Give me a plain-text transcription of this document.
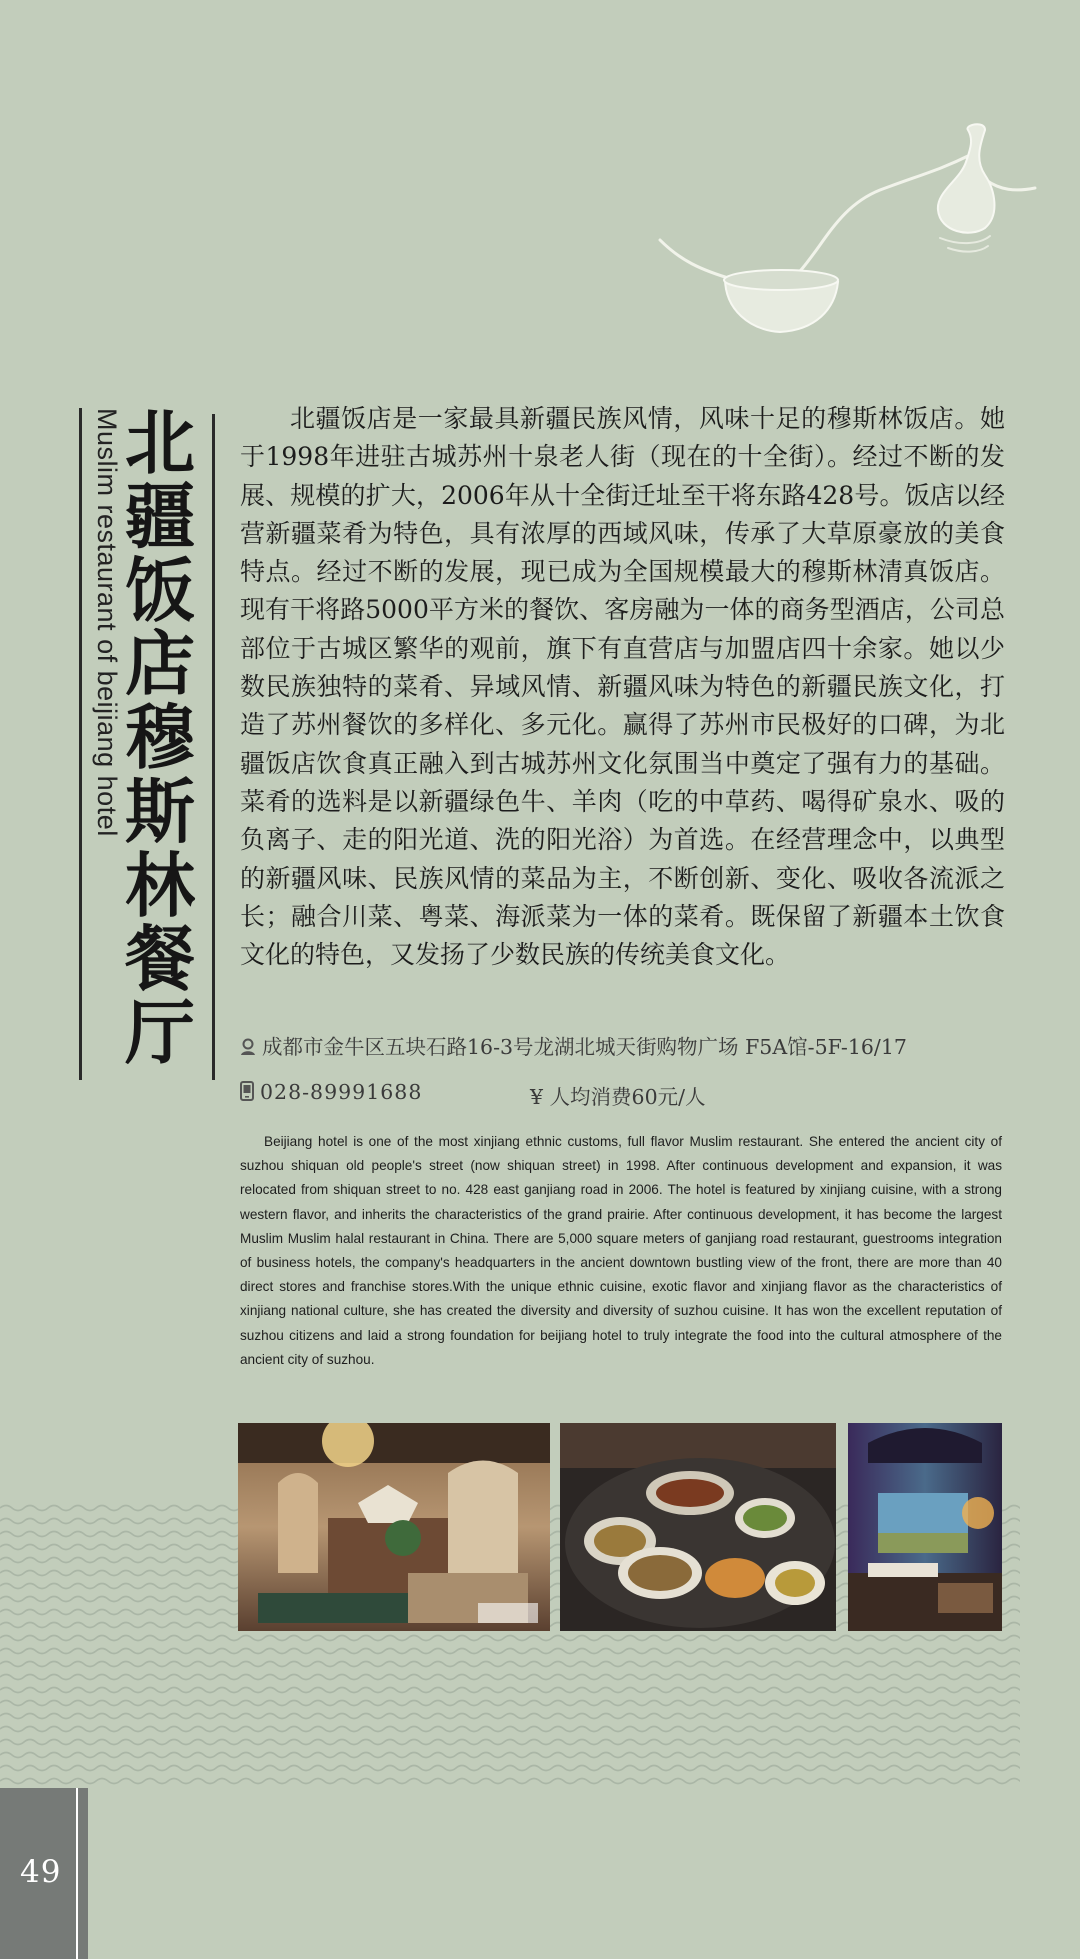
Muslim restaurant of beijiang hotel 北
疆
饭
店
穆
斯
林
餐
厅

北疆饭店是一家最具新疆民族风情，风味十足的穆斯林饭店。她于1998年进驻古城苏州十泉老人街（现在的十全街）。经过不断的发展、规模的扩大，2006年从十全街迁址至干将东路428号。饭店以经营新疆菜肴为特色，具有浓厚的西域风味，传承了大草原豪放的美食特点。经过不断的发展，现已成为全国规模最大的穆斯林清真饭店。现有干将路5000平方米的餐饮、客房融为一体的商务型酒店，公司总部位于古城区繁华的观前，旗下有直营店与加盟店四十余家。她以少数民族独特的菜肴、异域风情、新疆风味为特色的新疆民族文化，打造了苏州餐饮的多样化、多元化。赢得了苏州市民极好的口碑，为北疆饭店饮食真正融入到古城苏州文化氛围当中奠定了强有力的基础。菜肴的选料是以新疆绿色牛、羊肉（吃的中草药、喝得矿泉水、吸的负离子、走的阳光道、洗的阳光浴）为首选。在经营理念中，以典型的新疆风味、民族风情的菜品为主，不断创新、变化、吸收各流派之长；融合川菜、粤菜、海派菜为一体的菜肴。既保留了新疆本土饮食文化的特色，又发扬了少数民族的传统美食文化。

成都市金牛区五块石路16-3号龙湖北城天街购物广场 F5A馆-5F-16/17
028-89991688	¥ 人均消费60元/人

Beijiang hotel is one of the most xinjiang ethnic customs, full flavor Muslim restaurant. She entered the ancient city of suzhou shiquan old people's street (now shiquan street) in 1998. After continuous development and expansion, it was relocated from shiquan street to no. 428 east ganjiang road in 2006. The hotel is featured by xinjiang cuisine, with a strong western flavor, and inherits the characteristics of the grand prairie. After continuous development, it has become the largest Muslim Muslim halal restaurant in China. There are 5,000 square meters of ganjiang road restaurant, guestrooms integration of business hotels, the company's headquarters in the ancient downtown bustling view of the front, there are more than 40 direct stores and franchise stores.With the unique ethnic cuisine, exotic flavor and xinjiang flavor as the characteristics of xinjiang national culture, she has created the diversity and diversity of suzhou cuisine. It has won the excellent reputation of suzhou citizens and laid a strong foundation for beijiang hotel to truly integrate the food into the cultural atmosphere of the ancient city of suzhou.

49
